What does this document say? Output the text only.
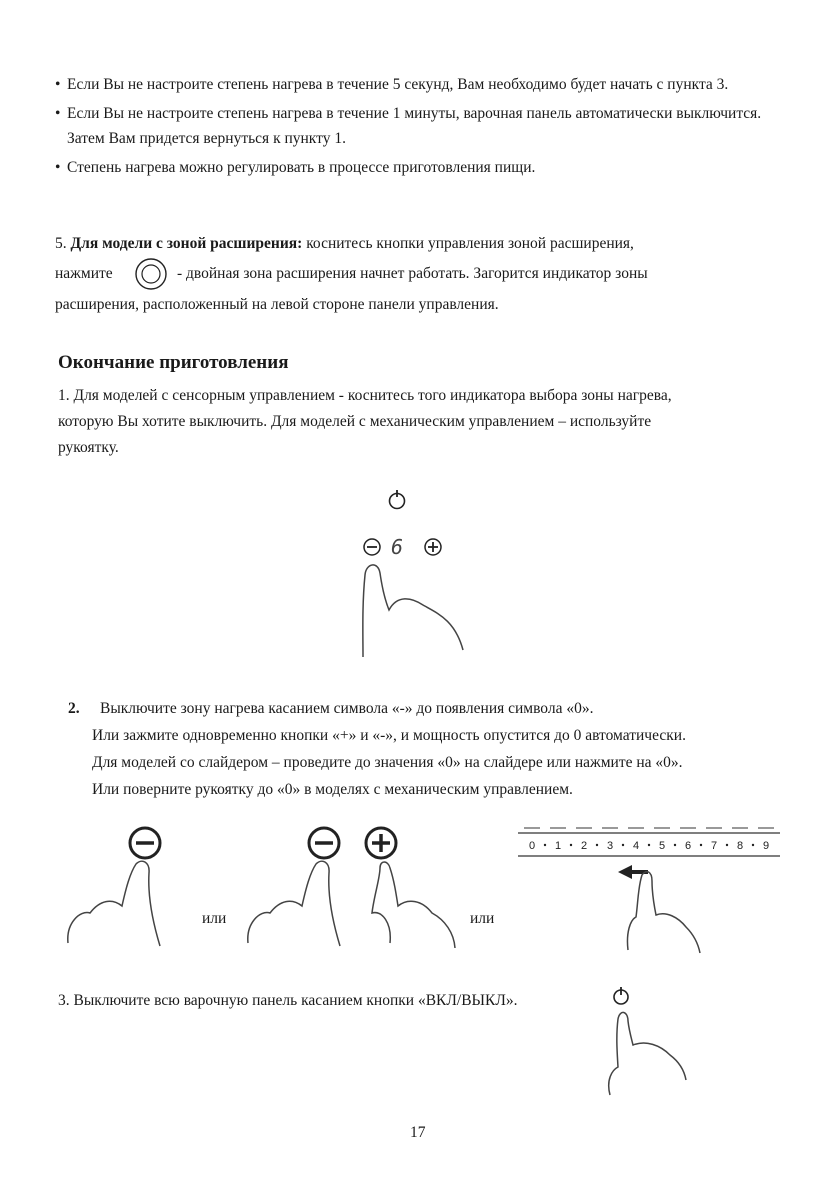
• Если Вы не настроите степень нагрева в течение 5 секунд, Вам необходимо будет начать с пункта 3.
• Если Вы не настроите степень нагрева в течение 1 минуты, варочная панель автоматически выключится. Затем Вам придется вернуться к пункту 1.
• Степень нагрева можно регулировать в процессе приготовления пищи.
5. Для модели с зоной расширения: коснитесь кнопки управления зоной расширения,
нажмите	- двойная зона расширения начнет работать. Загорится индикатор зоны
расширения, расположенный на левой стороне панели управления.
Окончание приготовления
1. Для моделей с сенсорным управлением - коснитесь того индикатора выбора зоны нагрева,
которую Вы хотите выключить. Для моделей с механическим управлением – используйте
рукоятку.
6
2. Выключите зону нагрева касанием символа «-» до появления символа «0».
Или зажмите одновременно кнопки «+» и «-», и мощность опустится до 0 автоматически.
Для моделей со слайдером – проведите до значения «0» на слайдере или нажмите на «0».
Или поверните рукоятку до «0» в моделях с механическим управлением.
или	или
0 1 2 3 4 5 6 7 8 9
3. Выключите всю варочную панель касанием кнопки «ВКЛ/ВЫКЛ».
17
